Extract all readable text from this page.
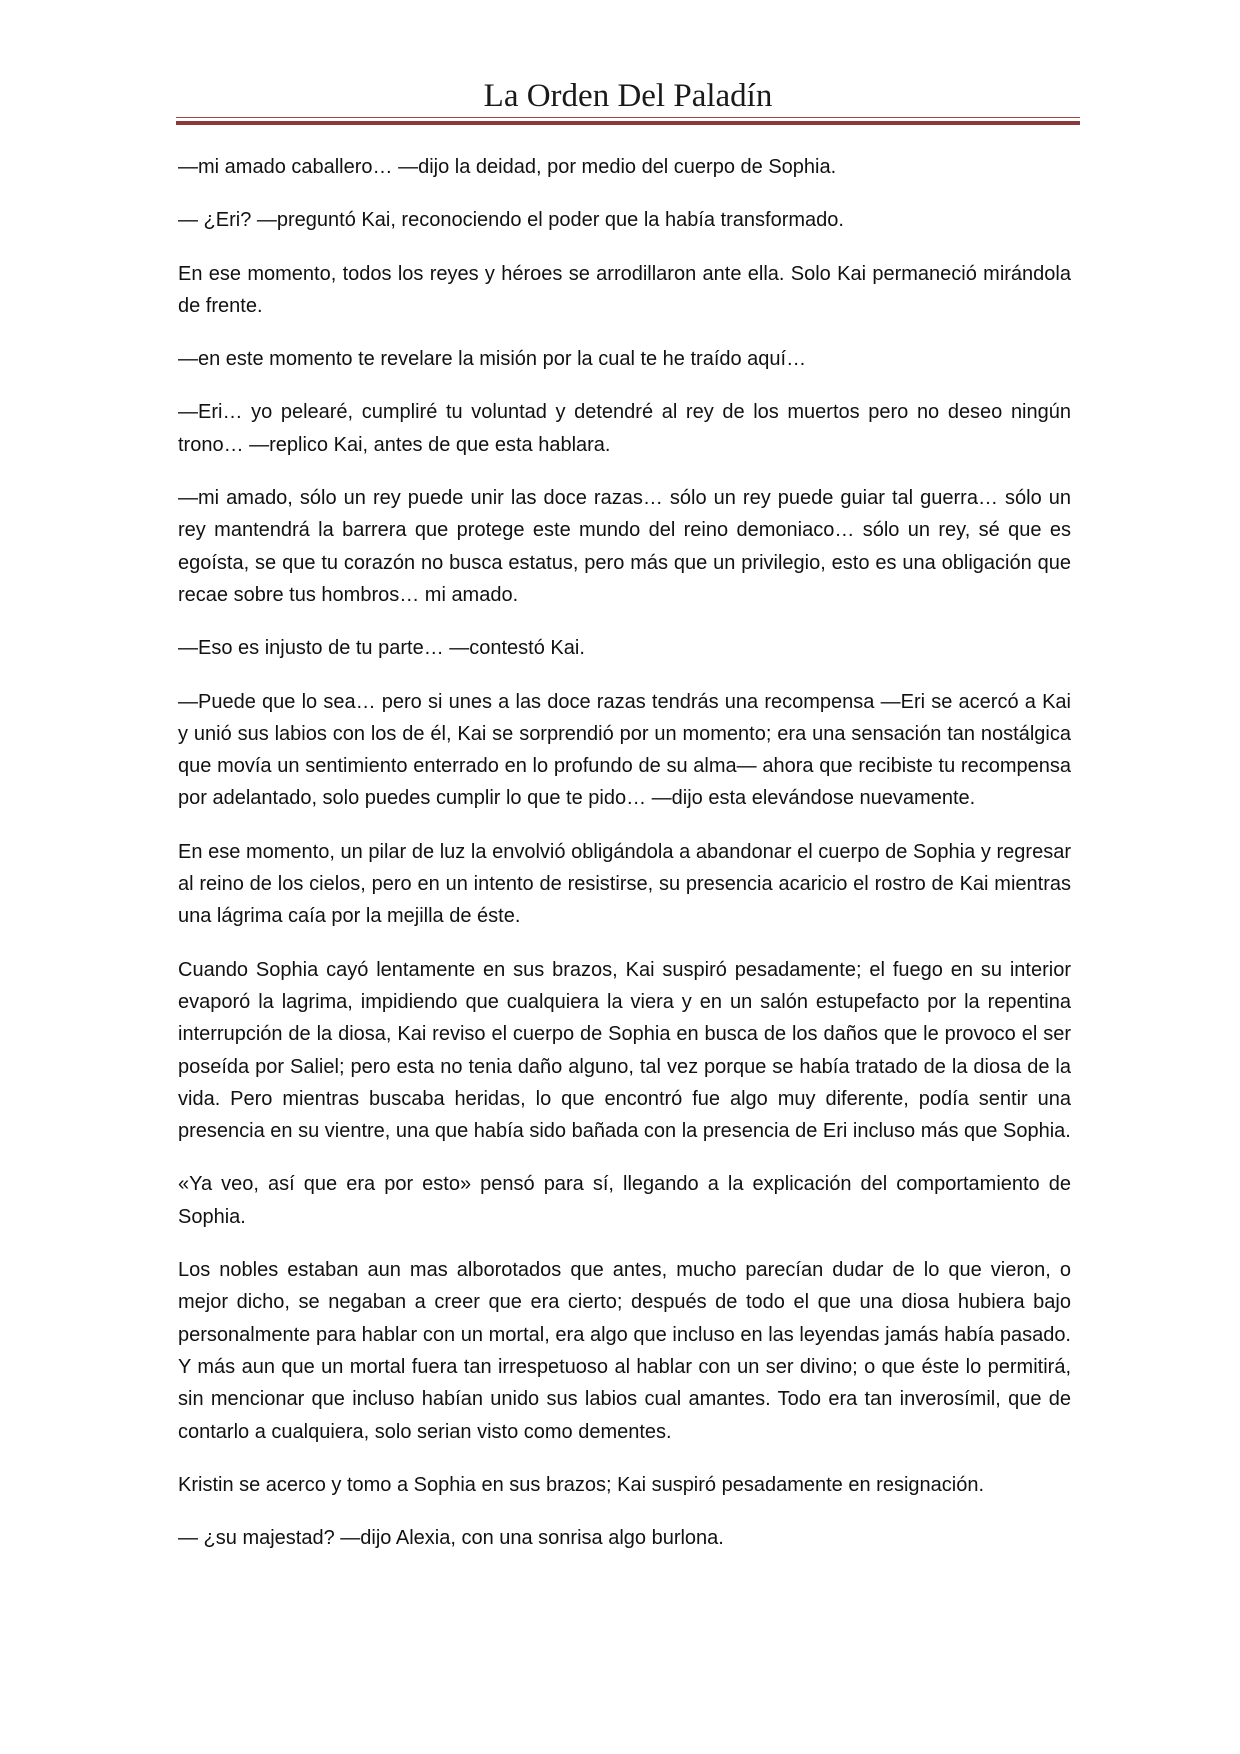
La Orden Del Paladín

—mi amado caballero… —dijo la deidad, por medio del cuerpo de Sophia.

— ¿Eri? —preguntó Kai, reconociendo el poder que la había transformado.

En ese momento, todos los reyes y héroes se arrodillaron ante ella. Solo Kai permaneció mirándola de frente.

—en este momento te revelare la misión por la cual te he traído aquí…

—Eri… yo pelearé, cumpliré tu voluntad y detendré al rey de los muertos pero no deseo ningún trono… —replico Kai, antes de que esta hablara.

—mi amado, sólo un rey puede unir las doce razas… sólo un rey puede guiar tal guerra… sólo un rey mantendrá la barrera que protege este mundo del reino demoniaco… sólo un rey, sé que es egoísta, se que tu corazón no busca estatus, pero más que un privilegio, esto es una obligación que recae sobre tus hombros… mi amado.

—Eso es injusto de tu parte… —contestó Kai.

—Puede que lo sea… pero si unes a las doce razas tendrás una recompensa —Eri se acercó a Kai y unió sus labios con los de él, Kai se sorprendió por un momento; era una sensación tan nostálgica que movía un sentimiento enterrado en lo profundo de su alma— ahora que recibiste tu recompensa por adelantado, solo puedes cumplir lo que te pido… —dijo esta elevándose nuevamente.

En ese momento, un pilar de luz la envolvió obligándola a abandonar el cuerpo de Sophia y regresar al reino de los cielos, pero en un intento de resistirse, su presencia acaricio el rostro de Kai mientras una lágrima caía por la mejilla de éste.

Cuando Sophia cayó lentamente en sus brazos, Kai suspiró pesadamente; el fuego en su interior evaporó la lagrima, impidiendo que cualquiera la viera y en un salón estupefacto por la repentina interrupción de la diosa, Kai reviso el cuerpo de Sophia en busca de los daños que le provoco el ser poseída por Saliel; pero esta no tenia daño alguno, tal vez porque se había tratado de la diosa de la vida. Pero mientras buscaba heridas, lo que encontró fue algo muy diferente, podía sentir una presencia en su vientre, una que había sido bañada con la presencia de Eri incluso más que Sophia.

«Ya veo, así que era por esto» pensó para sí, llegando a la explicación del comportamiento de Sophia.

Los nobles estaban aun mas alborotados que antes, mucho parecían dudar de lo que vieron, o mejor dicho, se negaban a creer que era cierto; después de todo el que una diosa hubiera bajo personalmente para hablar con un mortal, era algo que incluso en las leyendas jamás había pasado. Y más aun que un mortal fuera tan irrespetuoso al hablar con un ser divino; o que éste lo permitirá, sin mencionar que incluso habían unido sus labios cual amantes. Todo era tan inverosímil, que de contarlo a cualquiera, solo serian visto como dementes.

Kristin se acerco y tomo a Sophia en sus brazos; Kai suspiró pesadamente en resignación.

— ¿su majestad? —dijo Alexia, con una sonrisa algo burlona.
